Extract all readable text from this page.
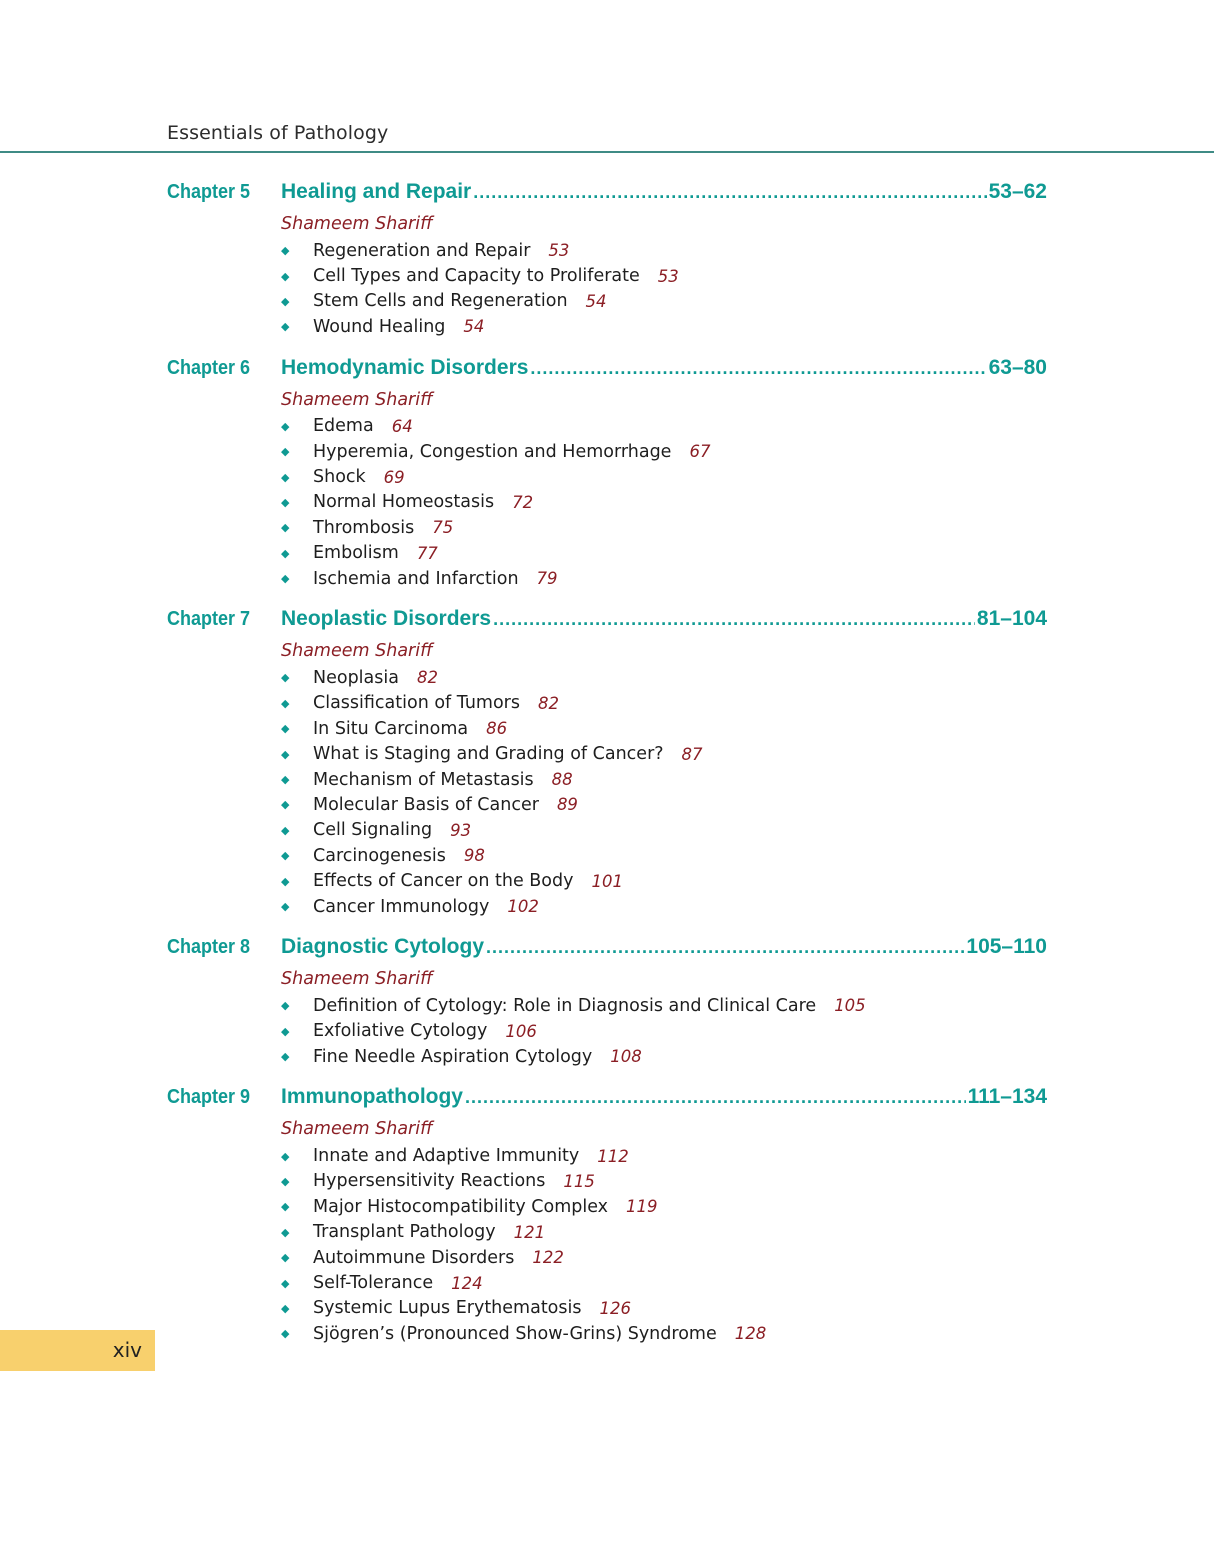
Essentials of Pathology
Chapter 5	Healing and Repair .....	53–62
Shameem Shariff
◆	Regeneration and Repair 53
◆	Cell Types and Capacity to Proliferate 53
◆	Stem Cells and Regeneration 54
◆	Wound Healing 54
Chapter 6	Hemodynamic Disorders .....	63–80
Shameem Shariff
◆	Edema 64
◆	Hyperemia, Congestion and Hemorrhage 67
◆	Shock 69
◆	Normal Homeostasis 72
◆	Thrombosis 75
◆	Embolism 77
◆	Ischemia and Infarction 79
Chapter 7	Neoplastic Disorders .....	81–104
Shameem Shariff
◆	Neoplasia 82
◆	Classification of Tumors 82
◆	In Situ Carcinoma 86
◆	What is Staging and Grading of Cancer? 87
◆	Mechanism of Metastasis 88
◆	Molecular Basis of Cancer 89
◆	Cell Signaling 93
◆	Carcinogenesis 98
◆	Effects of Cancer on the Body 101
◆	Cancer Immunology 102
Chapter 8	Diagnostic Cytology .....	105–110
Shameem Shariff
◆	Definition of Cytology: Role in Diagnosis and Clinical Care 105
◆	Exfoliative Cytology 106
◆	Fine Needle Aspiration Cytology 108
Chapter 9	Immunopathology .....	111–134
Shameem Shariff
◆	Innate and Adaptive Immunity 112
◆	Hypersensitivity Reactions 115
◆	Major Histocompatibility Complex 119
◆	Transplant Pathology 121
◆	Autoimmune Disorders 122
◆	Self-Tolerance 124
◆	Systemic Lupus Erythematosis 126
◆	Sjögren’s (Pronounced Show-Grins) Syndrome 128
xiv
